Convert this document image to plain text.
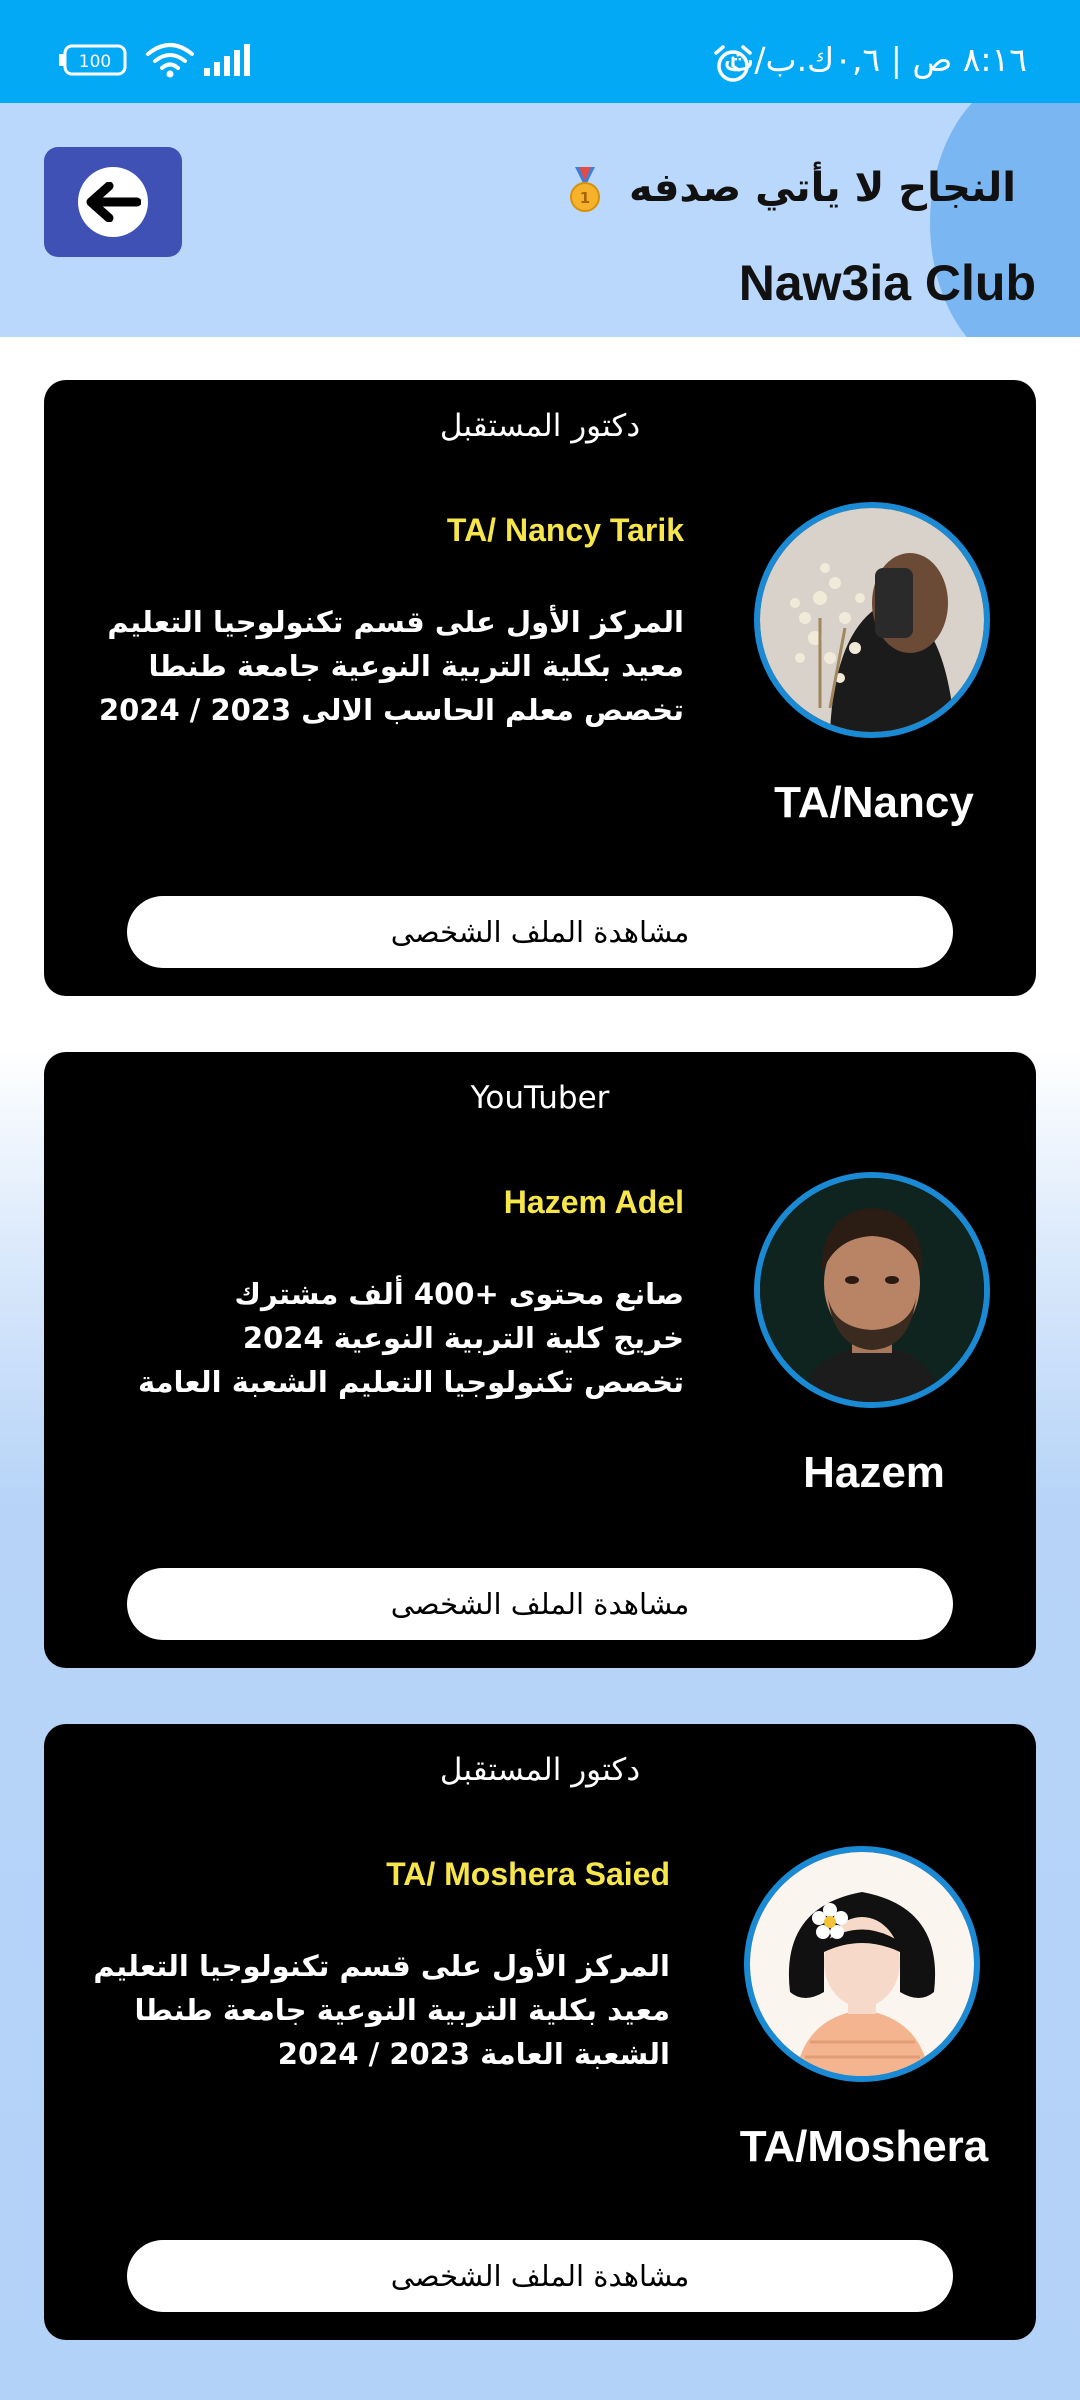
100	٨:١٦ ص | ٠,٦ك.ب/ث
النجاح لا يأتي صدفه
1
Naw3ia Club
دكتور المستقبل
TA/ Nancy Tarik
المركز الأول على قسم تكنولوجيا التعليم
معيد بكلية التربية النوعية جامعة طنطا
تخصص معلم الحاسب الالى 2023 / 2024
TA/Nancy
مشاهدة الملف الشخصى
YouTuber
Hazem Adel
صانع محتوى +400 ألف مشترك
خريج كلية التربية النوعية 2024
تخصص تكنولوجيا التعليم الشعبة العامة
Hazem
مشاهدة الملف الشخصى
دكتور المستقبل
TA/ Moshera Saied
المركز الأول على قسم تكنولوجيا التعليم
معيد بكلية التربية النوعية جامعة طنطا
الشعبة العامة 2023 / 2024
TA/Moshera
مشاهدة الملف الشخصى
